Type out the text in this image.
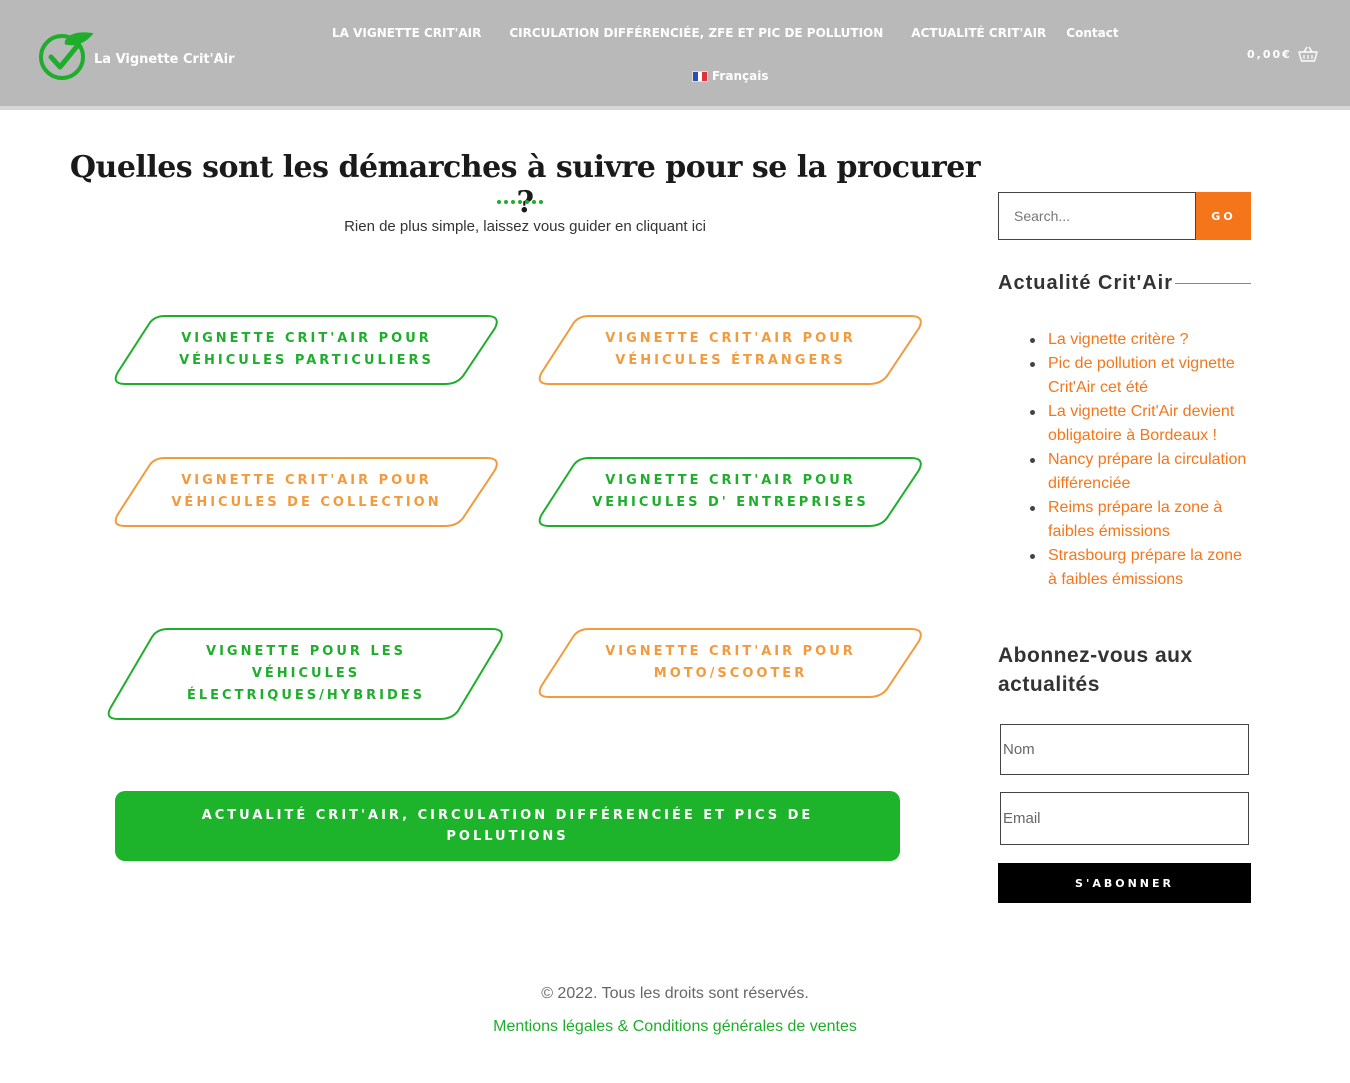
La Vignette Crit'Air
LA VIGNETTE CRIT'AIR	CIRCULATION DIFFÉRENCIÉE, ZFE ET PIC DE POLLUTION	ACTUALITÉ CRIT'AIR	Contact
Français
0,00€
Quelles sont les démarches à suivre pour se la procurer

Rien de plus simple, laissez vous guider en cliquant ici

VIGNETTE CRIT'AIR POUR VÉHICULES PARTICULIERS
VIGNETTE CRIT'AIR POUR VÉHICULES ÉTRANGERS
VIGNETTE CRIT'AIR POUR VÉHICULES DE COLLECTION
VIGNETTE CRIT'AIR POUR VEHICULES D' ENTREPRISES
VIGNETTE POUR LES VÉHICULES ÉLECTRIQUES/HYBRIDES
VIGNETTE CRIT'AIR POUR MOTO/SCOOTER
ACTUALITÉ CRIT'AIR, CIRCULATION DIFFÉRENCIÉE ET PICS DE POLLUTIONS
Search...
GO
Actualité Crit'Air
La vignette critère ?
Pic de pollution et vignette Crit'Air cet été
La vignette Crit'Air devient obligatoire à Bordeaux !
Nancy prépare la circulation différenciée
Reims prépare la zone à faibles émissions
Strasbourg prépare la zone à faibles émissions
Abonnez-vous aux actualités
Nom
Email
S'ABONNER

© 2022. Tous les droits sont réservés.

Mentions légales & Conditions générales de ventes
